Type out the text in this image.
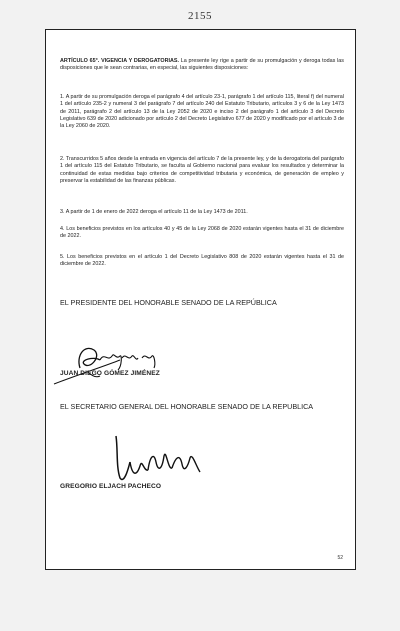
2155
ARTÍCULO 65°. VIGENCIA Y DEROGATORIAS. La presente ley rige a partir de su promulgación y deroga todas las disposiciones que le sean contrarias, en especial, las siguientes disposiciones:
1. A partir de su promulgación deroga el parágrafo 4 del artículo 23-1, parágrafo 1 del artículo 115, literal f) del numeral 1 del artículo 235-2 y numeral 3 del parágrafo 7 del artículo 240 del Estatuto Tributario, artículos 3 y 6 de la Ley 1473 de 2011, parágrafo 2 del artículo 13 de la Ley 2052 de 2020 e inciso 2 del parágrafo 1 del artículo 3 del Decreto Legislativo 639 de 2020 adicionado por artículo 2 del Decreto Legislativo 677 de 2020 y modificado por el artículo 3 de la Ley 2060 de 2020.
2. Transcurridos 5 años desde la entrada en vigencia del artículo 7 de la presente ley, y de la derogatoria del parágrafo 1 del artículo 115 del Estatuto Tributario, se faculta al Gobierno nacional para evaluar los resultados y determinar la continuidad de estas medidas bajo criterios de competitividad tributaria y económica, de generación de empleo y preservar la estabilidad de las finanzas públicas.
3. A partir de 1 de enero de 2022 deroga el artículo 11 de la Ley 1473 de 2011.
4. Los beneficios previstos en los artículos 40 y 45 de la Ley 2068 de 2020 estarán vigentes hasta el 31 de diciembre de 2022.
5. Los beneficios previstos en el artículo 1 del Decreto Legislativo 808 de 2020 estarán vigentes hasta el 31 de diciembre de 2022.
EL PRESIDENTE DEL HONORABLE SENADO DE LA REPÚBLICA
JUAN DIEGO GÓMEZ JIMÉNEZ
EL SECRETARIO GENERAL DEL HONORABLE SENADO DE LA REPUBLICA
GREGORIO ELJACH PACHECO
52
